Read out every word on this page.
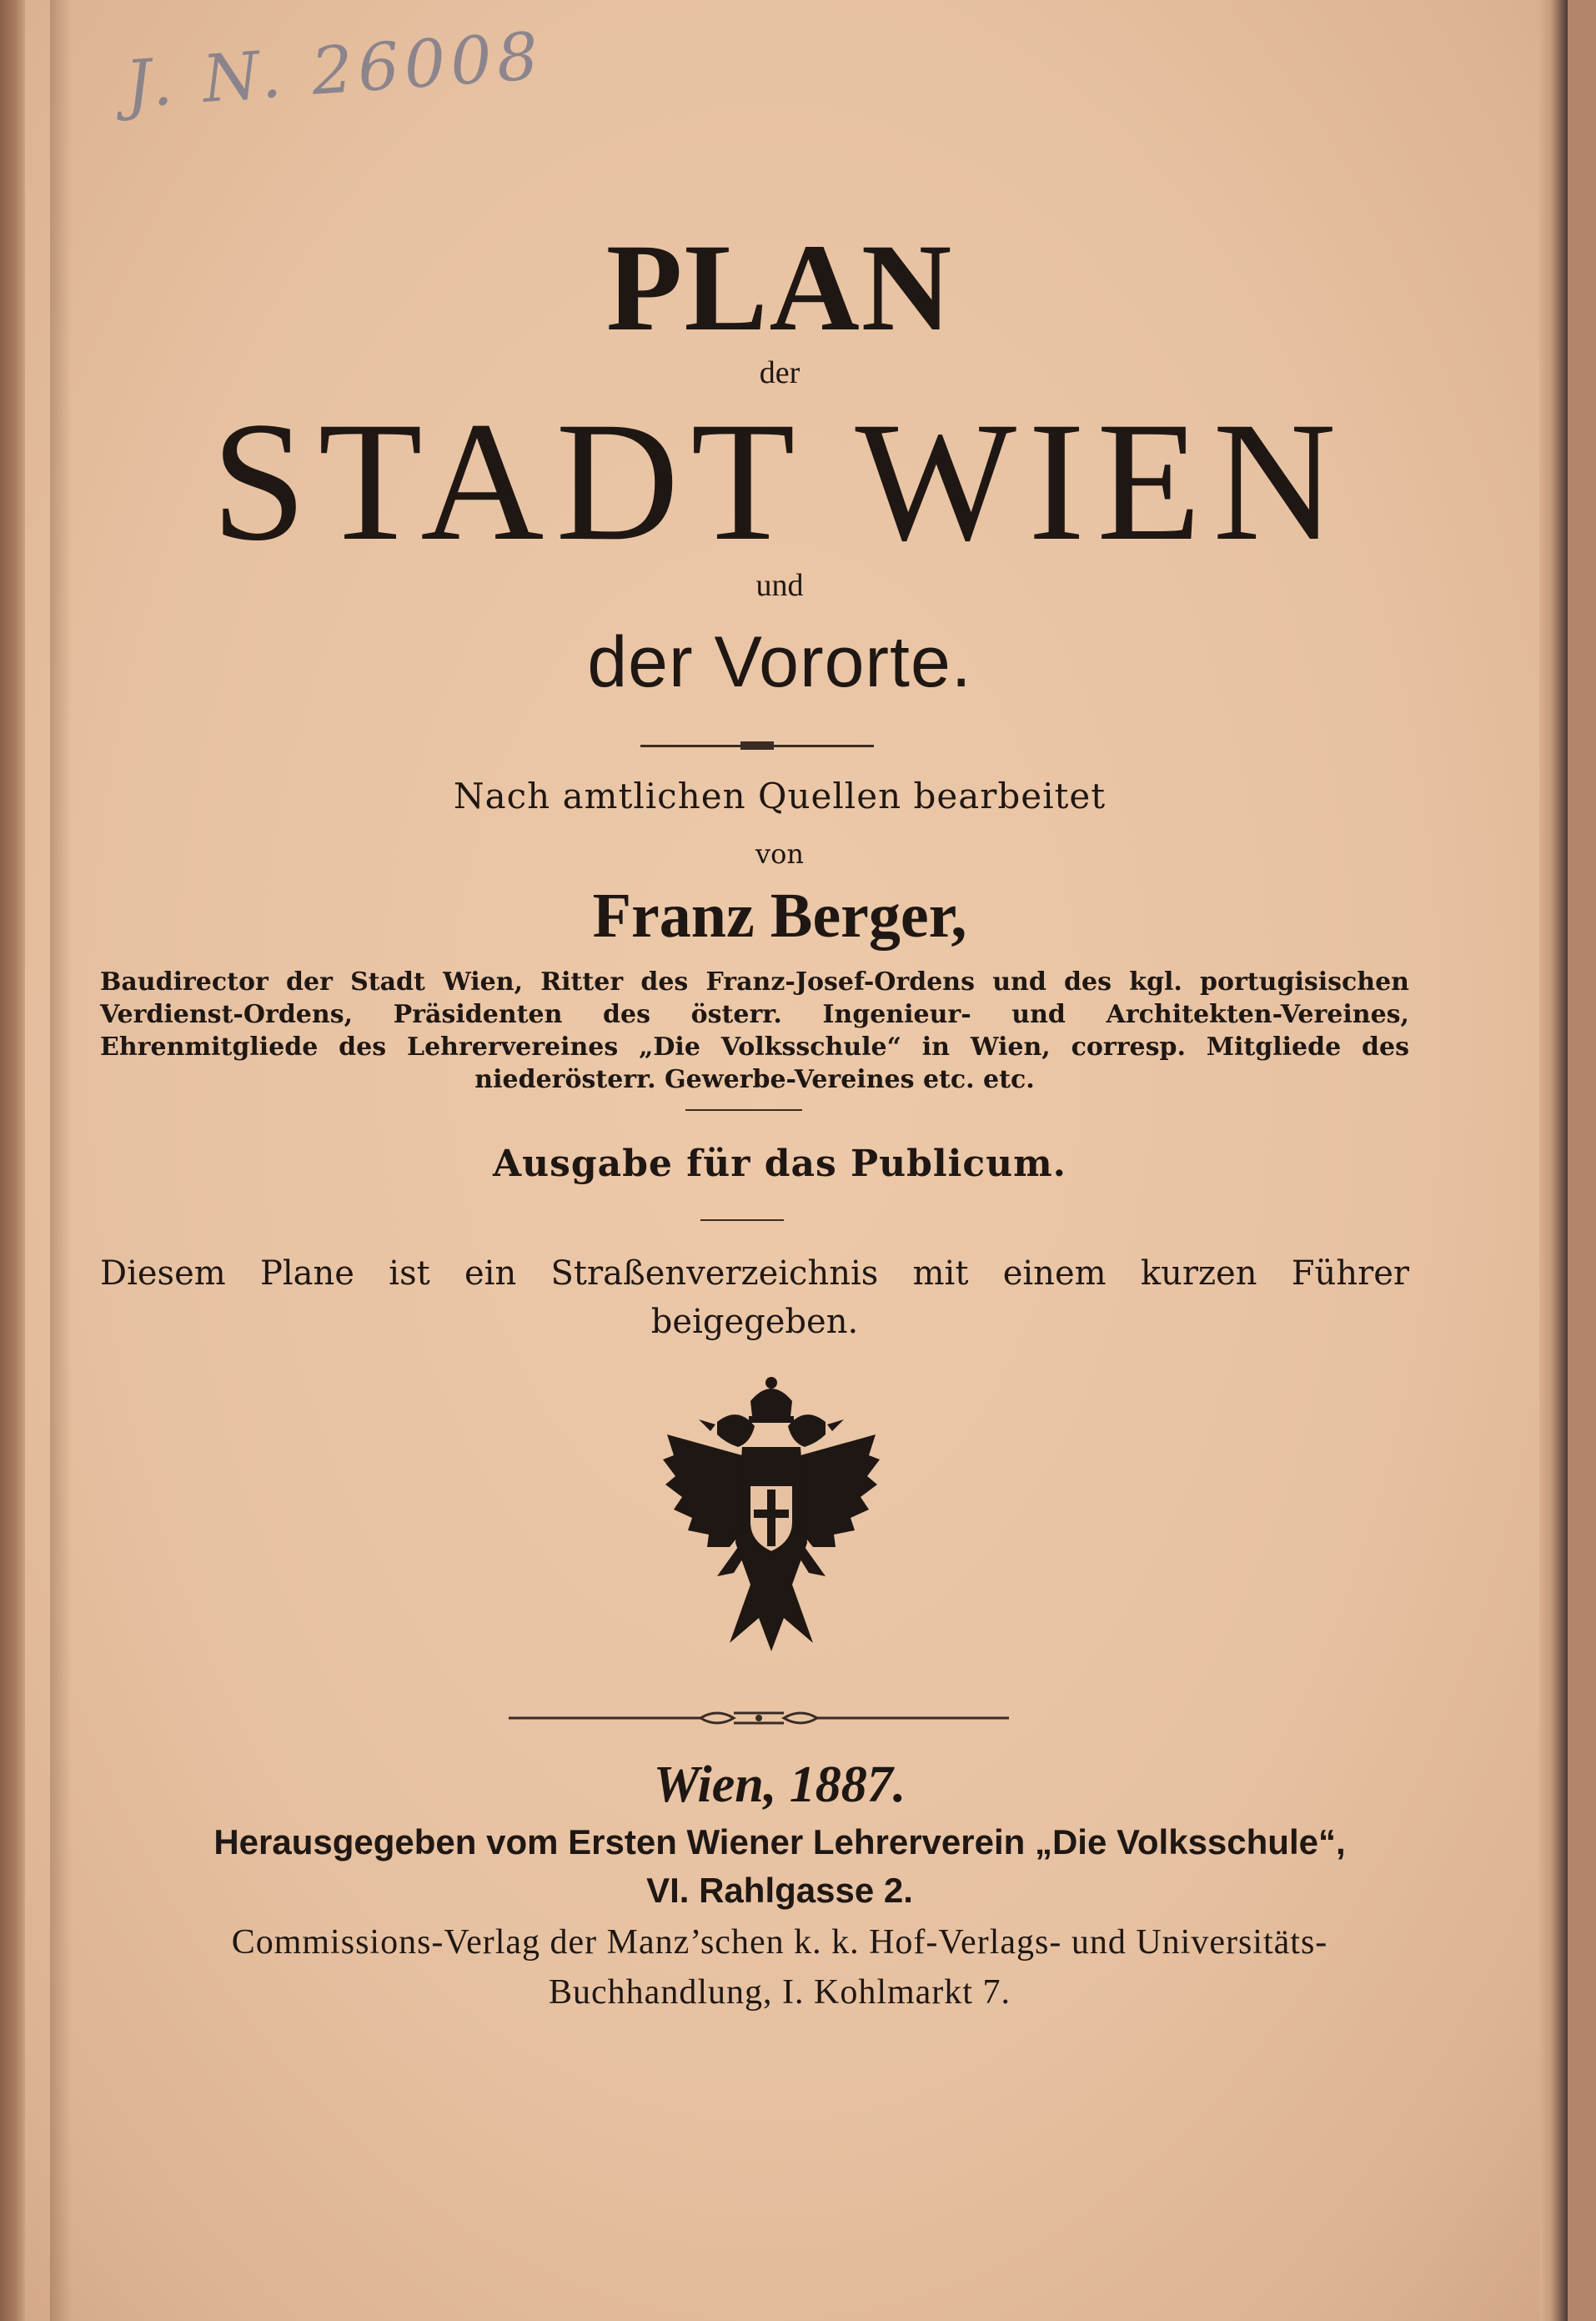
J. N. 26008
PLAN
der
STADT WIEN
und
der Vororte.
Nach amtlichen Quellen bearbeitet
von
Franz Berger,
Baudirector der Stadt Wien, Ritter des Franz-Josef-Ordens und des kgl. portugisischen Verdienst-Ordens, Präsidenten des österr. Ingenieur- und Architekten-Vereines, Ehrenmitgliede des Lehrervereines „Die Volksschule“ in Wien, corresp. Mitgliede des niederösterr. Gewerbe-Vereines etc. etc.
Ausgabe für das Publicum.
Diesem Plane ist ein Straßenverzeichnis mit einem kurzen Führer beigegeben.
Wien, 1887.
Herausgegeben vom Ersten Wiener Lehrerverein „Die Volksschule“,
VI. Rahlgasse 2.
Commissions-Verlag der Manz’schen k. k. Hof-Verlags- und Universitäts-
Buchhandlung, I. Kohlmarkt 7.
